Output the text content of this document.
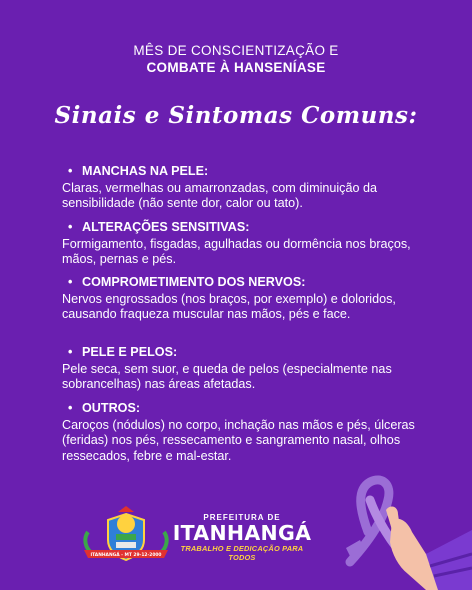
MÊS DE CONSCIENTIZAÇÃO E
COMBATE À HANSENÍASE
Sinais e Sintomas Comuns:
• MANCHAS NA PELE:
Claras, vermelhas ou amarronzadas, com diminuição da sensibilidade (não sente dor, calor ou tato).
• ALTERAÇÕES SENSITIVAS:
Formigamento, fisgadas, agulhadas ou dormência nos braços, mãos, pernas e pés.
• COMPROMETIMENTO DOS NERVOS:
Nervos engrossados (nos braços, por exemplo) e doloridos, causando fraqueza muscular nas mãos, pés e face.
• PELE E PELOS:
Pele seca, sem suor, e queda de pelos (especialmente nas sobrancelhas) nas áreas afetadas.
• OUTROS:
Caroços (nódulos) no corpo, inchação nas mãos e pés, úlceras (feridas) nos pés, ressecamento e sangramento nasal, olhos ressecados, febre e mal-estar.
ITANHANGÁ - MT 29-12-2000
PREFEITURA DE
ITANHANGÁ
TRABALHO E DEDICAÇÃO PARA TODOS
